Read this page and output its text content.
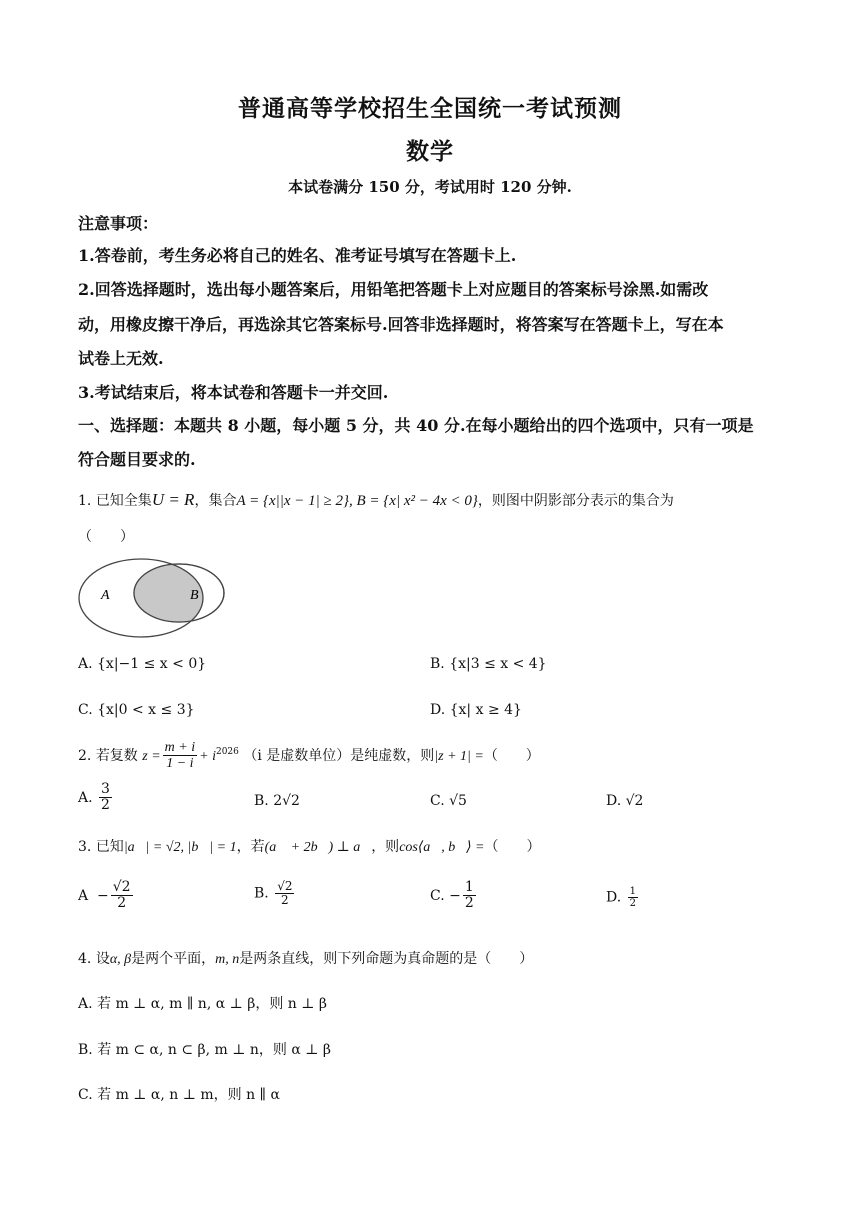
普通高等学校招生全国统一考试预测
数学
本试卷满分 150 分，考试用时 120 分钟.
注意事项：
1.答卷前，考生务必将自己的姓名、准考证号填写在答题卡上.
2.回答选择题时，选出每小题答案后，用铅笔把答题卡上对应题目的答案标号涂黑.如需改
动，用橡皮擦干净后，再选涂其它答案标号.回答非选择题时，将答案写在答题卡上，写在本
试卷上无效.
3.考试结束后，将本试卷和答题卡一并交回.
一、选择题：本题共 8 小题，每小题 5 分，共 40 分.在每小题给出的四个选项中，只有一项是
符合题目要求的.
1. 已知全集U = R，集合A = {x||x − 1| ≥ 2}, B = {x| x² − 4x < 0}，则图中阴影部分表示的集合为
（　　）
A	B
A. {x|−1 ≤ x < 0}	B. {x|3 ≤ x < 4}
C. {x|0 < x ≤ 3}	D. {x| x ≥ 4}
2. 若复数 $z = \frac{m + i}{1 - i} + i^{2026}$ （i 是虚数单位）是纯虚数，则|z + 1| =（　　）
A. $\frac{3}{2}$	B. 2√2	C. √5	D. √2
3. 已知|a⃗| = √2, |b⃗| = 1，若(a⃗ + 2b⃗) ⊥ a⃗，则cos⟨a⃗, b⃗⟩ =（　　）
$A - \frac{√2}{2}$	B. $\frac{√2}{2}$	C. − $\frac{1}{2}$	D. $\frac{1}{2}$
4. 设α, β是两个平面，m, n是两条直线，则下列命题为真命题的是（　　）
A. 若 m ⊥ α, m ∥ n, α ⊥ β，则 n ⊥ β
B. 若 m ⊂ α, n ⊂ β, m ⊥ n，则 α ⊥ β
C. 若 m ⊥ α, n ⊥ m，则 n ∥ α
